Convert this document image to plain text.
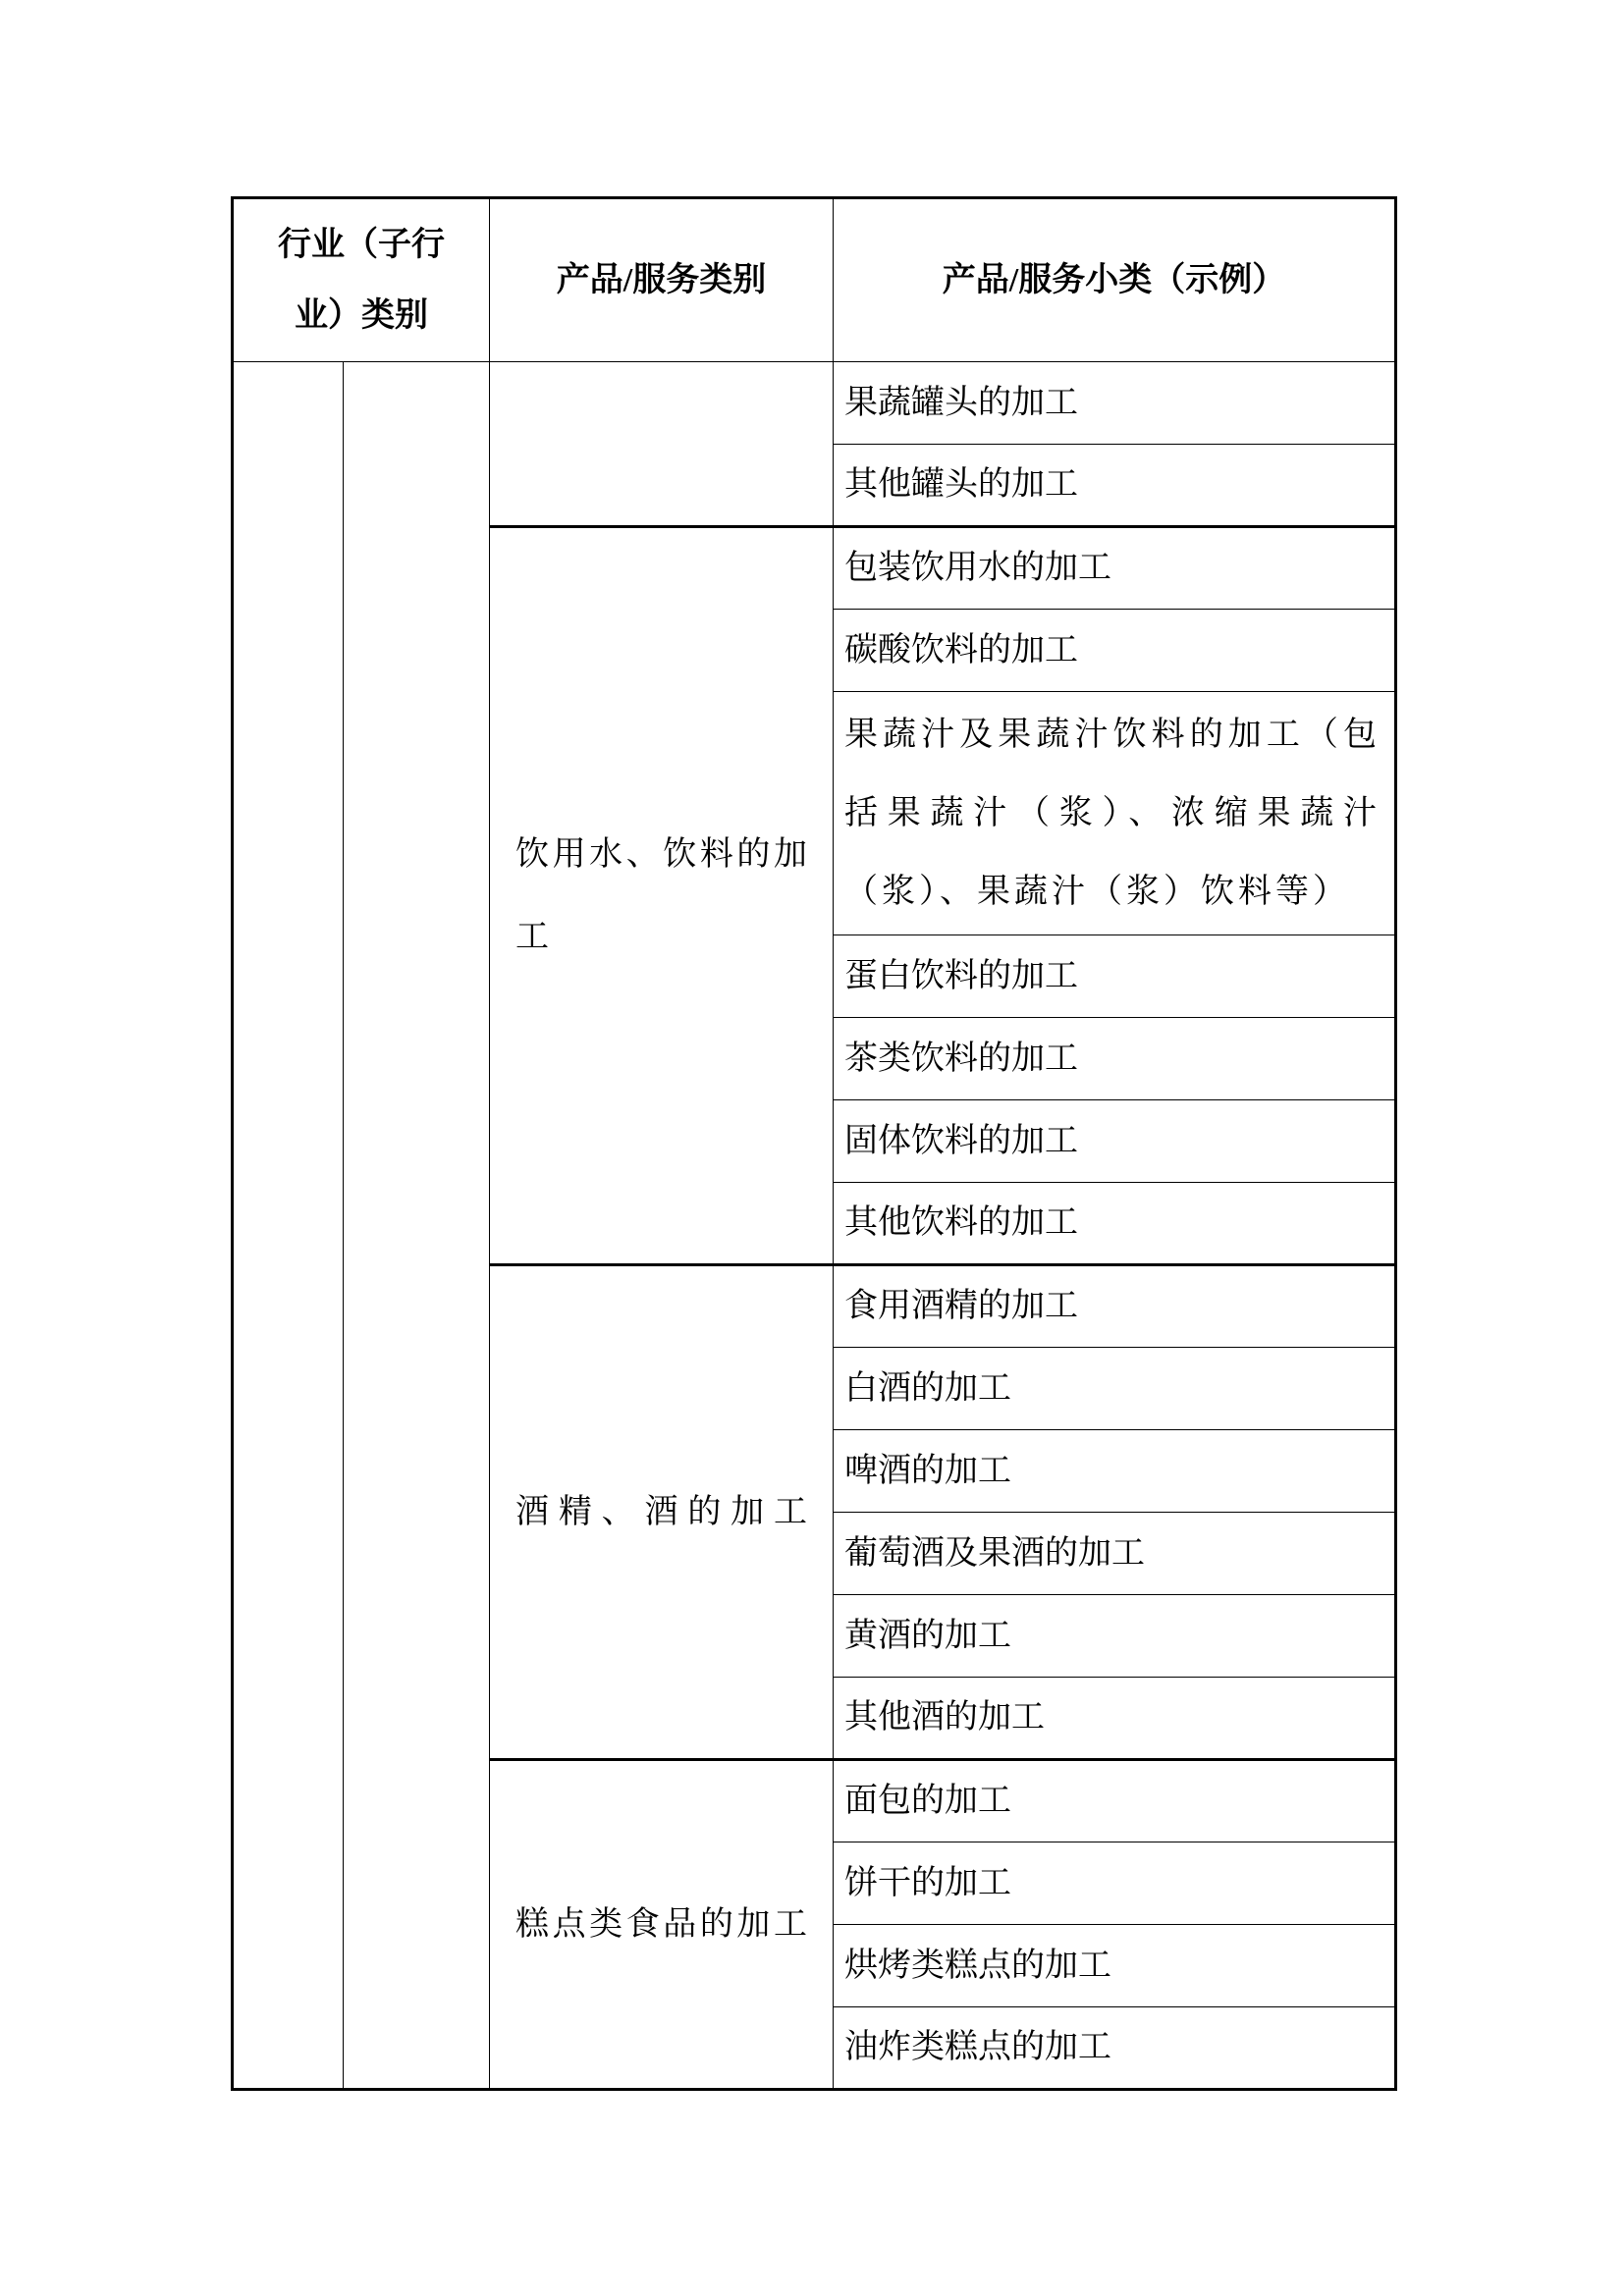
行业（子行业）类别		产品/服务类别	产品/服务小类（示例）
			果蔬罐头的加工
			其他罐头的加工
		饮用水、饮料的加工	包装饮用水的加工
			碳酸饮料的加工
			果蔬汁及果蔬汁饮料的加工（包括果蔬汁（浆）、浓缩果蔬汁（浆）、果蔬汁（浆）饮料等）
			蛋白饮料的加工
			茶类饮料的加工
			固体饮料的加工
			其他饮料的加工
		酒精、酒的加工	食用酒精的加工
			白酒的加工
			啤酒的加工
			葡萄酒及果酒的加工
			黄酒的加工
			其他酒的加工
		糕点类食品的加工	面包的加工
			饼干的加工
			烘烤类糕点的加工
			油炸类糕点的加工
